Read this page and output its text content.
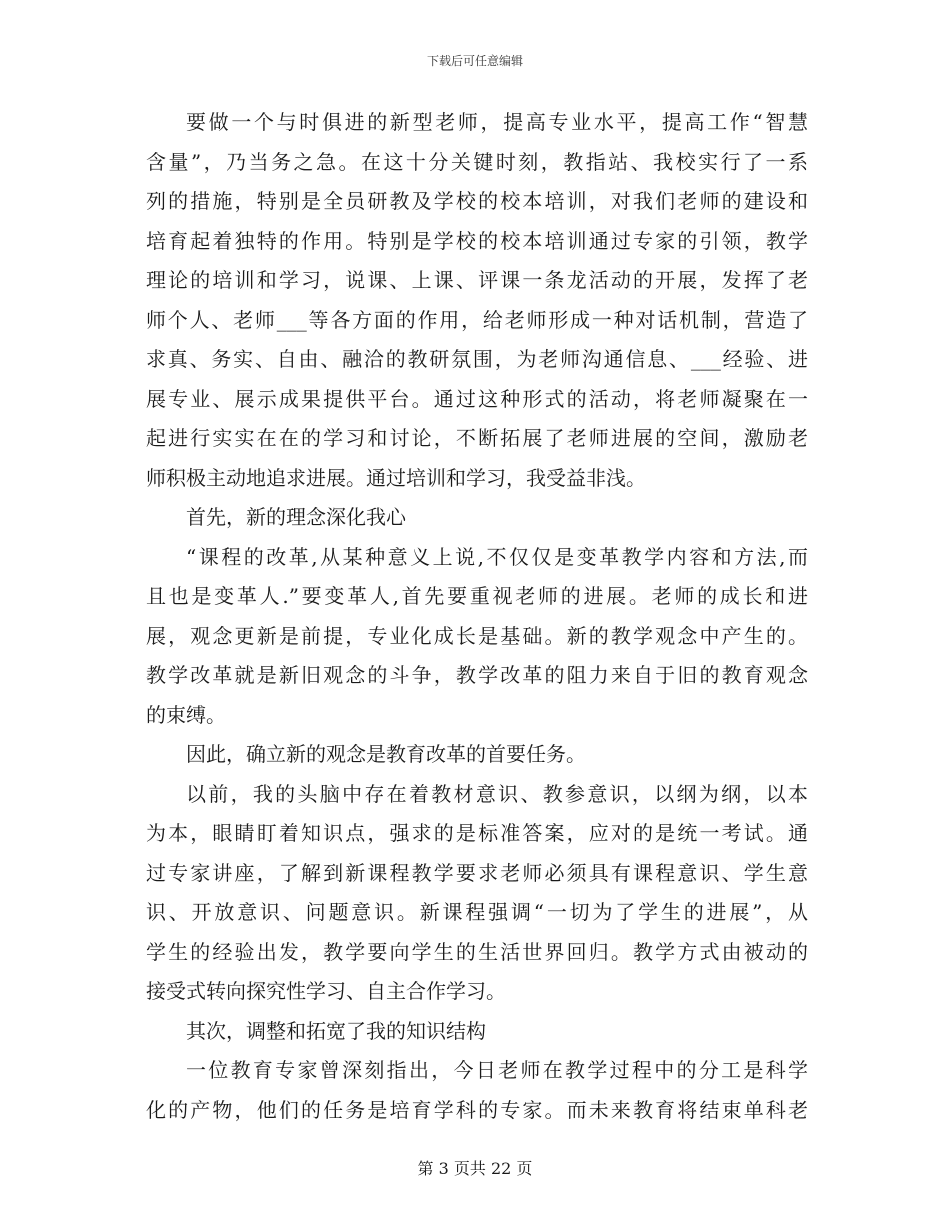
下载后可任意编辑
要做一个与时俱进的新型老师，提高专业水平，提高工作“智慧
含量”，乃当务之急。在这十分关键时刻，教指站、我校实行了一系
列的措施，特别是全员研教及学校的校本培训，对我们老师的建设和
培育起着独特的作用。特别是学校的校本培训通过专家的引领，教学
理论的培训和学习，说课、上课、评课一条龙活动的开展，发挥了老
师个人、老师___等各方面的作用，给老师形成一种对话机制，营造了
求真、务实、自由、融洽的教研氛围，为老师沟通信息、___经验、进
展专业、展示成果提供平台。通过这种形式的活动，将老师凝聚在一
起进行实实在在的学习和讨论，不断拓展了老师进展的空间，激励老
师积极主动地追求进展。通过培训和学习，我受益非浅。
首先，新的理念深化我心
“课程的改革,从某种意义上说,不仅仅是变革教学内容和方法,而
且也是变革人.”要变革人,首先要重视老师的进展。老师的成长和进
展，观念更新是前提，专业化成长是基础。新的教学观念中产生的。
教学改革就是新旧观念的斗争，教学改革的阻力来自于旧的教育观念
的束缚。
因此，确立新的观念是教育改革的首要任务。
以前，我的头脑中存在着教材意识、教参意识，以纲为纲，以本
为本，眼睛盯着知识点，强求的是标准答案，应对的是统一考试。通
过专家讲座，了解到新课程教学要求老师必须具有课程意识、学生意
识、开放意识、问题意识。新课程强调“一切为了学生的进展”，从
学生的经验出发，教学要向学生的生活世界回归。教学方式由被动的
接受式转向探究性学习、自主合作学习。
其次，调整和拓宽了我的知识结构
一位教育专家曾深刻指出，今日老师在教学过程中的分工是科学
化的产物，他们的任务是培育学科的专家。而未来教育将结束单科老
第 3 页共 22 页
